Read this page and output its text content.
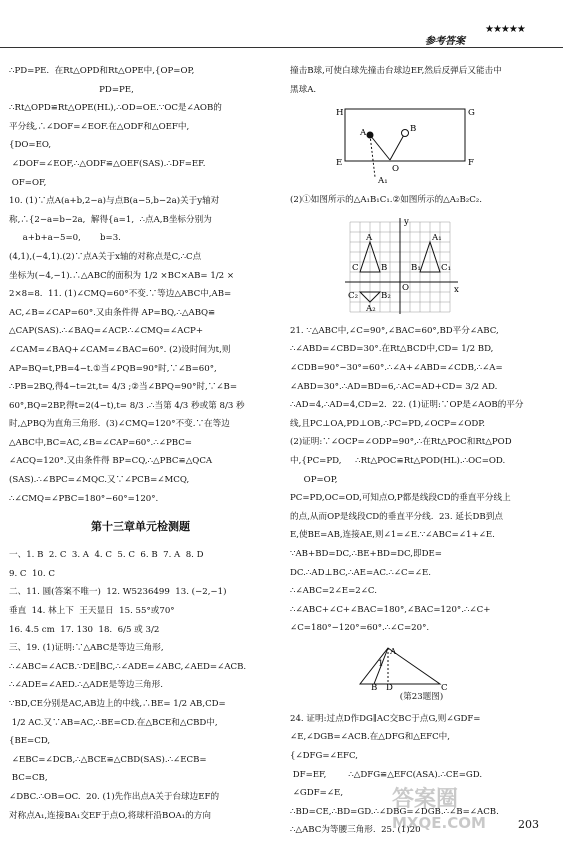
参考答案
★★★★★

∴PD=PE.  在Rt△OPD和Rt△OPE中,{OP=OP,

PD=PE,

∴Rt△OPD≌Rt△OPE(HL),∴OD=OE.∵OC是∠AOB的

平分线,∴∠DOF=∠EOF.在△ODF和△OEF中,

{DO=EO,

∠DOF=∠EOF,∴△ODF≌△OEF(SAS).∴DF=EF.

OF=OF,

10. (1)∵点A(a+b,2−a)与点B(a−5,b−2a)关于y轴对

称,∴{2−a=b−2a,  解得{a=1,  ∴点A,B坐标分别为

a+b+a−5=0,       b=3.

(4,1),(−4,1).(2)∵点A关于x轴的对称点是C,∴C点

坐标为(−4,−1).∴△ABC的面积为 1/2 ×BC×AB= 1/2 ×

2×8=8.  11. (1)∠CMQ=60°不变.∵等边△ABC中,AB=

AC,∠B=∠CAP=60°.又由条件得 AP=BQ,∴△ABQ≌

△CAP(SAS).∴∠BAQ=∠ACP.∴∠CMQ=∠ACP+

∠CAM=∠BAQ+∠CAM=∠BAC=60°. (2)设时间为t,则

AP=BQ=t,PB=4−t.①当∠PQB=90°时,∵∠B=60°,

∴PB=2BQ,得4−t=2t,t= 4/3 ;②当∠BPQ=90°时,∵∠B=

60°,BQ=2BP,得t=2(4−t),t= 8/3 .∴当第 4/3 秒或第 8/3 秒

时,△PBQ为直角三角形.  (3)∠CMQ=120°不变.∵在等边

△ABC中,BC=AC,∠B=∠CAP=60°.∴∠PBC=

∠ACQ=120°.又由条件得 BP=CQ,∴△PBC≌△QCA

(SAS).∴∠BPC=∠MQC.又∵∠PCB=∠MCQ,

∴∠CMQ=∠PBC=180°−60°=120°.

第十三章单元检测题

一、1. B  2. C  3. A  4. C  5. C  6. B  7. A  8. D

9. C  10. C

二、11. 圆(答案不唯一)  12. W5236499  13. (−2,−1)

垂直  14. 林上下  王天显日  15. 55°或70°

16. 4.5 cm  17. 130  18.  6/5 或 3/2

三、19. (1)证明:∵△ABC是等边三角形,

∴∠ABC=∠ACB.∵DE∥BC,∴∠ADE=∠ABC,∠AED=∠ACB.

∴∠ADE=∠AED.∴△ADE是等边三角形.

∵BD,CE分别是AC,AB边上的中线,∴BE= 1/2 AB,CD=

1/2 AC.又∵AB=AC,∴BE=CD.在△BCE和△CBD中,

{BE=CD,

∠EBC=∠DCB,∴△BCE≌△CBD(SAS).∴∠ECB=

BC=CB,

∠DBC.∴OB=OC.  20. (1)先作出点A关于台球边EF的

对称点A₁,连接BA₁交EF于点O,将球杆沿BOA₁的方向

撞击B球,可使白球先撞击台球边EF,然后反弹后又能击中

黑球A.

H	G
E	F
A	B
O
A₁

(2)①如图所示的△A₁B₁C₁.②如图所示的△A₂B₂C₂.

y
x
O
A
B
C
A₁
B₁ C₁
A₂
B₂
C₂

21. ∵△ABC中,∠C=90°,∠BAC=60°,BD平分∠ABC,

∴∠ABD=∠CBD=30°.在Rt△BCD中,CD= 1/2 BD,

∠CDB=90°−30°=60°.∴∠A+∠ABD=∠CDB,∴∠A=

∠ABD=30°.∴AD=BD=6,∴AC=AD+CD= 3/2 AD.

∴AD=4,∴AD=4,CD=2.  22. (1)证明:∵OP是∠AOB的平分

线,且PC⊥OA,PD⊥OB,∴PC=PD,∠OCP=∠ODP.

(2)证明:∵∠OCP=∠ODP=90°,∴在Rt△POC和Rt△POD

中,{PC=PD,     ∴Rt△POC≌Rt△POD(HL).∴OC=OD.

OP=OP,

PC=PD,OC=OD,可知点O,P都是线段CD的垂直平分线上

的点,从而OP是线段CD的垂直平分线.  23. 延长DB到点

E,使BE=AB,连接AE,则∠1=∠E.∵∠ABC=∠1+∠E.

∵AB+BD=DC,∴BE+BD=DC,即DE=

DC.∴AD⊥BC,∴AE=AC.∴∠C=∠E.

∴∠ABC=2∠E=2∠C.

∴∠ABC+∠C+∠BAC=180°,∠BAC=120°.∴∠C+

∠C=180°−120°=60°.∴∠C=20°.

A
B D	C
1
(第23题图)

24. 证明:过点D作DG∥AC交BC于点G,则∠GDF=

∠E,∠DGB=∠ACB.在△DFG和△EFC中,

{∠DFG=∠EFC,

DF=EF,        ∴△DFG≌△EFC(ASA).∴CE=GD.

∠GDF=∠E,

∴BD=CE,∴BD=GD.∴∠DBG=∠DGB.∴∠B=∠ACB.

∴△ABC为等腰三角形.  25. (1)20	203
答案圈
MXQE.COM
